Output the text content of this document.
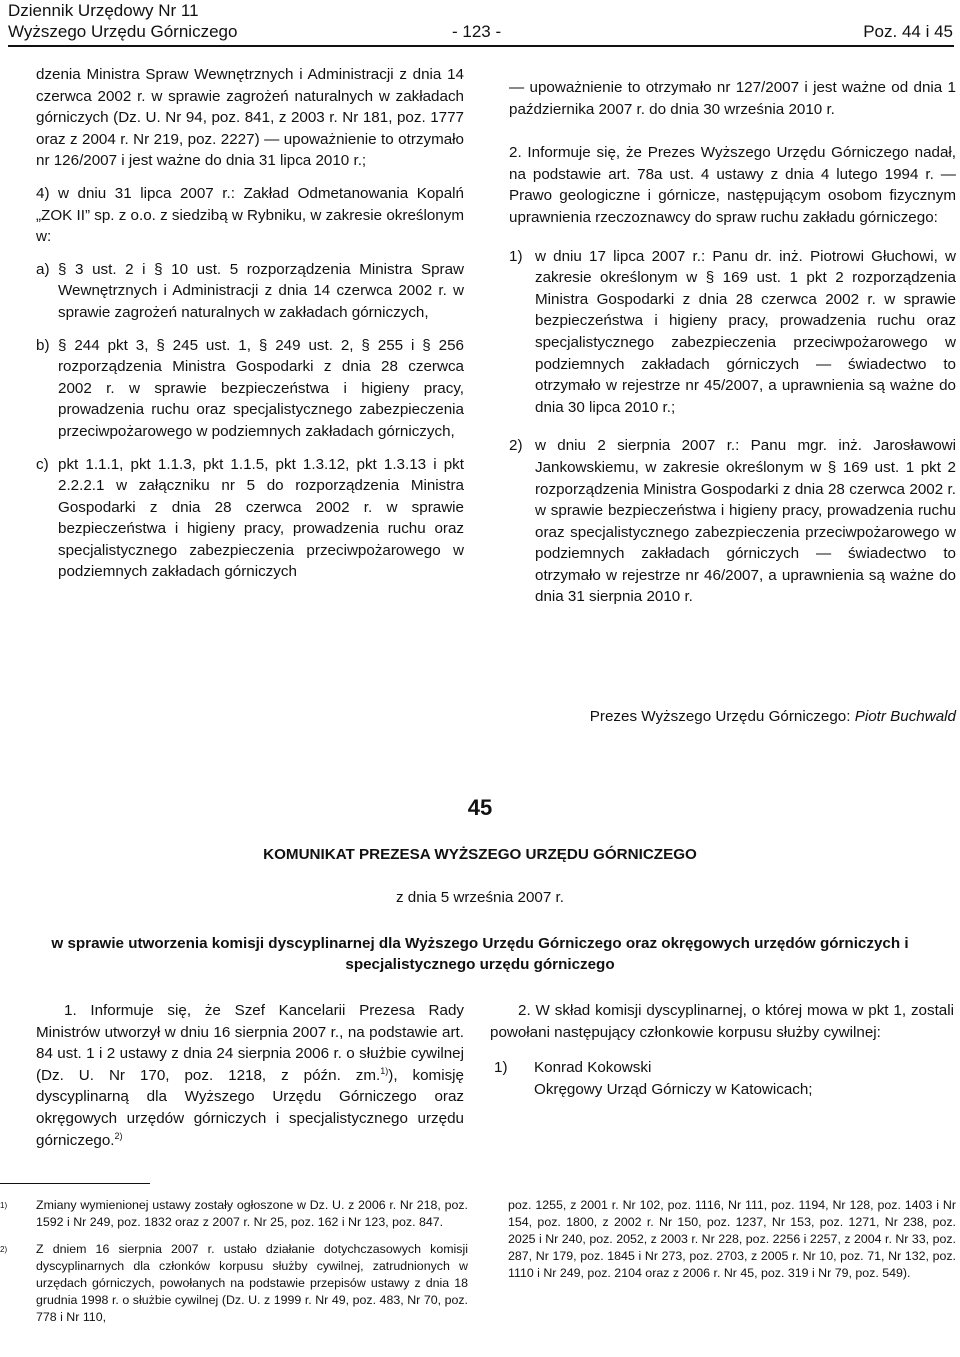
Dziennik Urzędowy Nr 11
Wyższego Urzędu Górniczego	- 123 -	Poz. 44 i 45

dzenia Ministra Spraw Wewnętrznych i Administracji z dnia 14 czerwca 2002 r. w sprawie zagrożeń naturalnych w zakładach górniczych (Dz. U. Nr 94, poz. 841, z 2003 r. Nr 181, poz. 1777 oraz z 2004 r. Nr 219, poz. 2227) — upoważnienie to otrzymało nr 126/2007 i jest ważne do dnia 31 lipca 2010 r.;

4) w dniu 31 lipca 2007 r.: Zakład Odmetanowania Kopalń „ZOK II” sp. z o.o. z siedzibą w Rybniku, w zakresie określonym w:

a) § 3 ust. 2 i § 10 ust. 5 rozporządzenia Ministra Spraw Wewnętrznych i Administracji z dnia 14 czerwca 2002 r. w sprawie zagrożeń naturalnych w zakładach górniczych,
b) § 244 pkt 3, § 245 ust. 1, § 249 ust. 2, § 255 i § 256 rozporządzenia Ministra Gospodarki z dnia 28 czerwca 2002 r. w sprawie bezpieczeństwa i higieny pracy, prowadzenia ruchu oraz specjalistycznego zabezpieczenia przeciwpożarowego w podziemnych zakładach górniczych,
c) pkt 1.1.1, pkt 1.1.3, pkt 1.1.5, pkt 1.3.12, pkt 1.3.13 i pkt 2.2.2.1 w załączniku nr 5 do rozporządzenia Ministra Gospodarki z dnia 28 czerwca 2002 r. w sprawie bezpieczeństwa i higieny pracy, prowadzenia ruchu oraz specjalistycznego zabezpieczenia przeciwpożarowego w podziemnych zakładach górniczych

— upoważnienie to otrzymało nr 127/2007 i jest ważne od dnia 1 października 2007 r. do dnia 30 września 2010 r.

2. Informuje się, że Prezes Wyższego Urzędu Górniczego nadał, na podstawie art. 78a ust. 4 ustawy z dnia 4 lutego 1994 r. — Prawo geologiczne i górnicze, następującym osobom fizycznym uprawnienia rzeczoznawcy do spraw ruchu zakładu górniczego:

1) w dniu 17 lipca 2007 r.: Panu dr. inż. Piotrowi Głuchowi, w zakresie określonym w § 169 ust. 1 pkt 2 rozporządzenia Ministra Gospodarki z dnia 28 czerwca 2002 r. w sprawie bezpieczeństwa i higieny pracy, prowadzenia ruchu oraz specjalistycznego zabezpieczenia przeciwpożarowego w podziemnych zakładach górniczych — świadectwo to otrzymało w rejestrze nr 45/2007, a uprawnienia są ważne do dnia 30 lipca 2010 r.;
2) w dniu 2 sierpnia 2007 r.: Panu mgr. inż. Jarosławowi Jankowskiemu, w zakresie określonym w § 169 ust. 1 pkt 2 rozporządzenia Ministra Gospodarki z dnia 28 czerwca 2002 r. w sprawie bezpieczeństwa i higieny pracy, prowadzenia ruchu oraz specjalistycznego zabezpieczenia przeciwpożarowego w podziemnych zakładach górniczych — świadectwo to otrzymało w rejestrze nr 46/2007, a uprawnienia są ważne do dnia 31 sierpnia 2010 r.
Prezes Wyższego Urzędu Górniczego: Piotr Buchwald
45
KOMUNIKAT PREZESA WYŻSZEGO URZĘDU GÓRNICZEGO
z dnia 5 września 2007 r.
w sprawie utworzenia komisji dyscyplinarnej dla Wyższego Urzędu Górniczego oraz okręgowych urzędów górniczych i specjalistycznego urzędu górniczego

1. Informuje się, że Szef Kancelarii Prezesa Rady Ministrów utworzył w dniu 16 sierpnia 2007 r., na podstawie art. 84 ust. 1 i 2 ustawy z dnia 24 sierpnia 2006 r. o służbie cywilnej (Dz. U. Nr 170, poz. 1218, z późn. zm.$^{1)}$), komisję dyscyplinarną dla Wyższego Urzędu Górniczego oraz okręgowych urzędów górniczych i specjalistycznego urzędu górniczego.$^{2)}$

2. W skład komisji dyscyplinarnej, o której mowa w pkt 1, zostali powołani następujący członkowie korpusu służby cywilnej:

1)	Konrad Kokowski
Okręgowy Urząd Górniczy w Katowicach;
1)	Zmiany wymienionej ustawy zostały ogłoszone w Dz. U. z 2006 r. Nr 218, poz. 1592 i Nr 249, poz. 1832 oraz z 2007 r. Nr 25, poz. 162 i Nr 123, poz. 847.
2)	Z dniem 16 sierpnia 2007 r. ustało działanie dotychczasowych komisji dyscyplinarnych dla członków korpusu służby cywilnej, zatrudnionych w urzędach górniczych, powołanych na podstawie przepisów ustawy z dnia 18 grudnia 1998 r. o służbie cywilnej (Dz. U. z 1999 r. Nr 49, poz. 483, Nr 70, poz. 778 i Nr 110,
poz. 1255, z 2001 r. Nr 102, poz. 1116, Nr 111, poz. 1194, Nr 128, poz. 1403 i Nr 154, poz. 1800, z 2002 r. Nr 150, poz. 1237, Nr 153, poz. 1271, Nr 238, poz. 2025 i Nr 240, poz. 2052, z 2003 r. Nr 228, poz. 2256 i 2257, z 2004 r. Nr 33, poz. 287, Nr 179, poz. 1845 i Nr 273, poz. 2703, z 2005 r. Nr 10, poz. 71, Nr 132, poz. 1110 i Nr 249, poz. 2104 oraz z 2006 r. Nr 45, poz. 319 i Nr 79, poz. 549).
